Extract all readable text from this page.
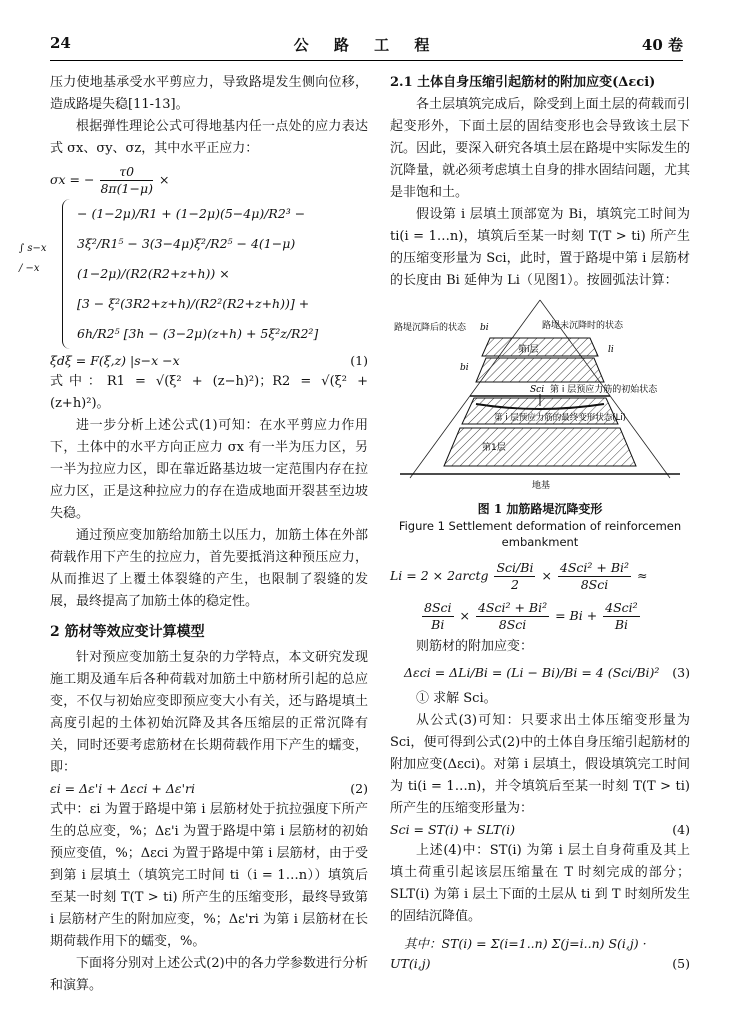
24	公 路 工 程	40 卷

压力使地基承受水平剪应力，导致路堤发生侧向位移，造成路堤失稳[11-13]。

根据弹性理论公式可得地基内任一点处的应力表达式 σx、σy、σz，其中水平正应力：

σx = − $\frac{\tau 0}{8\pi(1-\mu)}$ ×
− (1−2μ)/R1 + (1−2μ)(5−4μ)/R2³ −
3ξ²/R1⁵ − 3(3−4μ)ξ²/R2⁵ − 4(1−μ)(1−2μ)/(R2(R2+z+h)) ×
[3 − ξ²(3R2+z+h)/(R2²(R2+z+h))] +
6h/R2⁵ [3h − (3−2μ)(z+h) + 5ξ²z/R2²]
∫ s−x / −x
ξdξ = F(ξ,z) |s−x −x	(1)

式中：R1 = √(ξ² + (z−h)²)；R2 = √(ξ² + (z+h)²)。

进一步分析上述公式(1)可知：在水平剪应力作用下，土体中的水平方向正应力 σx 有一半为压力区，另一半为拉应力区，即在靠近路基边坡一定范围内存在拉应力区，正是这种拉应力的存在造成地面开裂甚至边坡失稳。

通过预应变加筋给加筋土以压力，加筋土体在外部荷载作用下产生的拉应力，首先要抵消这种预压应力，从而推迟了上覆土体裂缝的产生，也限制了裂缝的发展，最终提高了加筋土体的稳定性。

2 筋材等效应变计算模型

针对预应变加筋土复杂的力学特点，本文研究发现施工期及通车后各种荷载对加筋土中筋材所引起的总应变，不仅与初始应变即预应变大小有关，还与路堤填土高度引起的土体初始沉降及其各压缩层的正常沉降有关，同时还要考虑筋材在长期荷载作用下产生的蠕变，即：

εi = Δε'i + Δεci + Δε'ri	(2)

式中：εi 为置于路堤中第 i 层筋材处于抗拉强度下所产生的总应变，%；Δε'i 为置于路堤中第 i 层筋材的初始预应变值，%；Δεci 为置于路堤中第 i 层筋材，由于受到第 i 层填土（填筑完工时间 ti（i = 1…n））填筑后至某一时刻 T(T > ti) 所产生的压缩变形，最终导致第 i 层筋材产生的附加应变，%；Δε'ri 为第 i 层筋材在长期荷载作用下的蠕变，%。

下面将分别对上述公式(2)中的各力学参数进行分析和演算。

2.1 土体自身压缩引起筋材的附加应变(Δεci)

各土层填筑完成后，除受到上面土层的荷载而引起变形外，下面土层的固结变形也会导致该土层下沉。因此，要深入研究各填土层在路堤中实际发生的沉降量，就必须考虑填土自身的排水固结问题，尤其是非饱和土。

假设第 i 层填土顶部宽为 Bi，填筑完工时间为 ti(i = 1…n)，填筑后至某一时刻 T(T > ti) 所产生的压缩变形量为 Sci，此时，置于路堤中第 i 层筋材的长度由 Bi 延伸为 Li（见图1）。按圆弧法计算：

路堤沉降后的状态	路堤未沉降时的状态
第i层	li
bi
bi
Sci 第 i 层预应力筋的初始状态
第 i 层预应力筋的最终变形状态(Li)
第1层
地基

图 1 加筋路堤沉降变形

Figure 1 Settlement deformation of reinforcemen embankment

Li = 2 × 2arctg $\frac{\text{Sci/Bi}}{2} \times \frac{\text{4Sci² + Bi²}}{\text{8Sci}}$ ≈
$\frac{\text{8Sci}}{Bi} \times \frac{\text{4Sci² + Bi²}}{\text{8Sci}} = Bi + \frac{\text{4Sci²}}{Bi}$

则筋材的附加应变：

Δεci = ΔLi/Bi = (Li − Bi)/Bi = 4 (Sci/Bi)² (3)

① 求解 Sci。

从公式(3)可知：只要求出土体压缩变形量为 Sci，便可得到公式(2)中的土体自身压缩引起筋材的附加应变(Δεci)。对第 i 层填土，假设填筑完工时间为 ti(i = 1…n)，并令填筑后至某一时刻 T(T > ti) 所产生的压缩变形量为：

Sci = ST(i) + SLT(i)	(4)

上述(4)中：ST(i) 为第 i 层土自身荷重及其上填土荷重引起该层压缩量在 T 时刻完成的部分；SLT(i) 为第 i 层土下面的土层从 ti 到 T 时刻所发生的固结沉降值。

其中：ST(i) = Σ(i=1..n) Σ(j=i..n) S(i,j) · UT(i,j)	(5)
